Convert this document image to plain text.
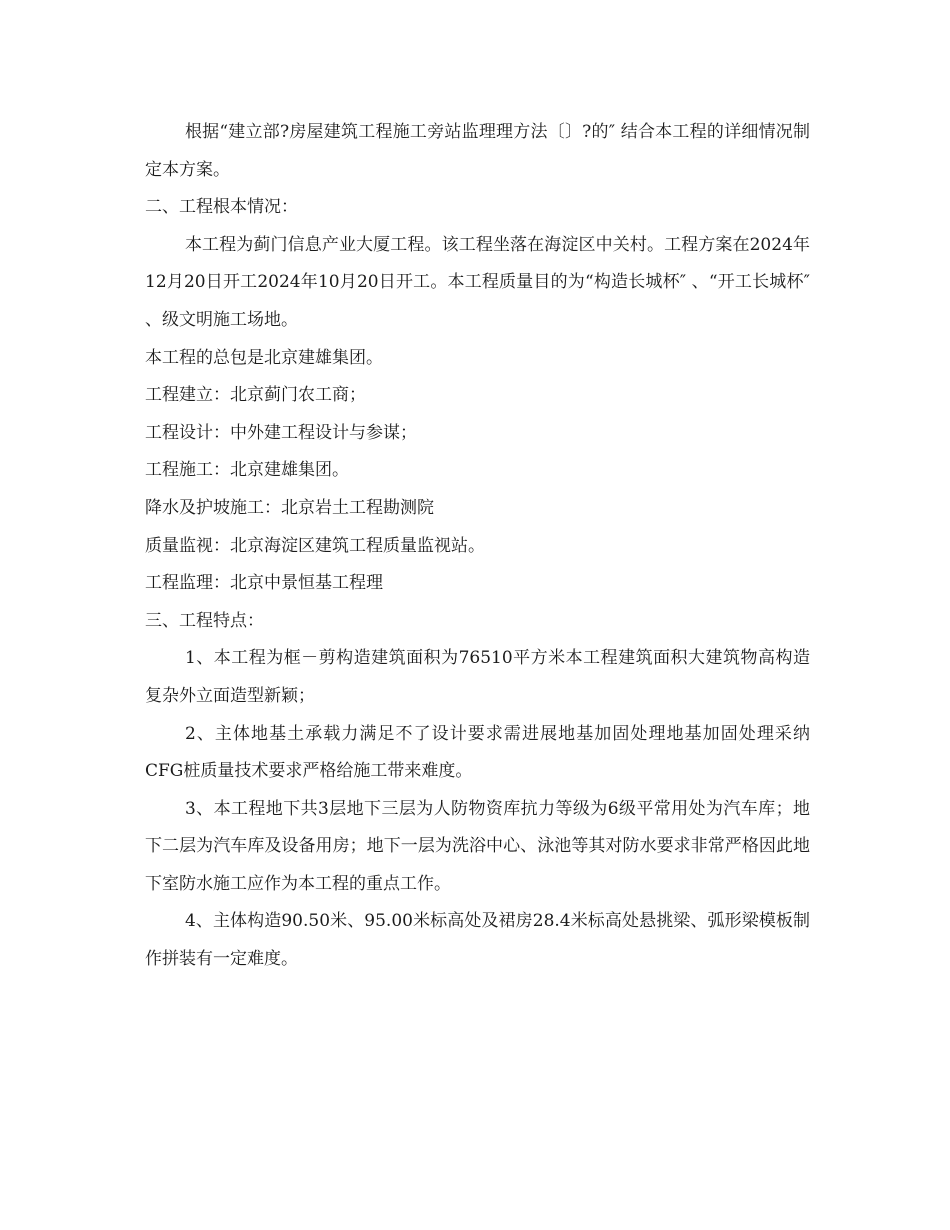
根据“建立部?房屋建筑工程施工旁站监理理方法〔〕?的″ 结合本工程的详细情况制定本方案。

二、工程根本情况：

本工程为蓟门信息产业大厦工程。该工程坐落在海淀区中关村。工程方案在2024年12月20日开工2024年10月20日开工。本工程质量目的为“构造长城杯″ 、“开工长城杯″ 、级文明施工场地。

本工程的总包是北京建雄集团。

工程建立：北京蓟门农工商；

工程设计：中外建工程设计与参谋；

工程施工：北京建雄集团。

降水及护坡施工：北京岩土工程勘测院

质量监视：北京海淀区建筑工程质量监视站。

工程监理：北京中景恒基工程理

三、工程特点：

1、本工程为框－剪构造建筑面积为76510平方米本工程建筑面积大建筑物高构造复杂外立面造型新颖；

2、主体地基土承载力满足不了设计要求需进展地基加固处理地基加固处理采纳CFG桩质量技术要求严格给施工带来难度。

3、本工程地下共3层地下三层为人防物资库抗力等级为6级平常用处为汽车库；地下二层为汽车库及设备用房；地下一层为洗浴中心、泳池等其对防水要求非常严格因此地下室防水施工应作为本工程的重点工作。

4、主体构造90.50米、95.00米标高处及裙房28.4米标高处悬挑梁、弧形梁模板制作拼装有一定难度。
